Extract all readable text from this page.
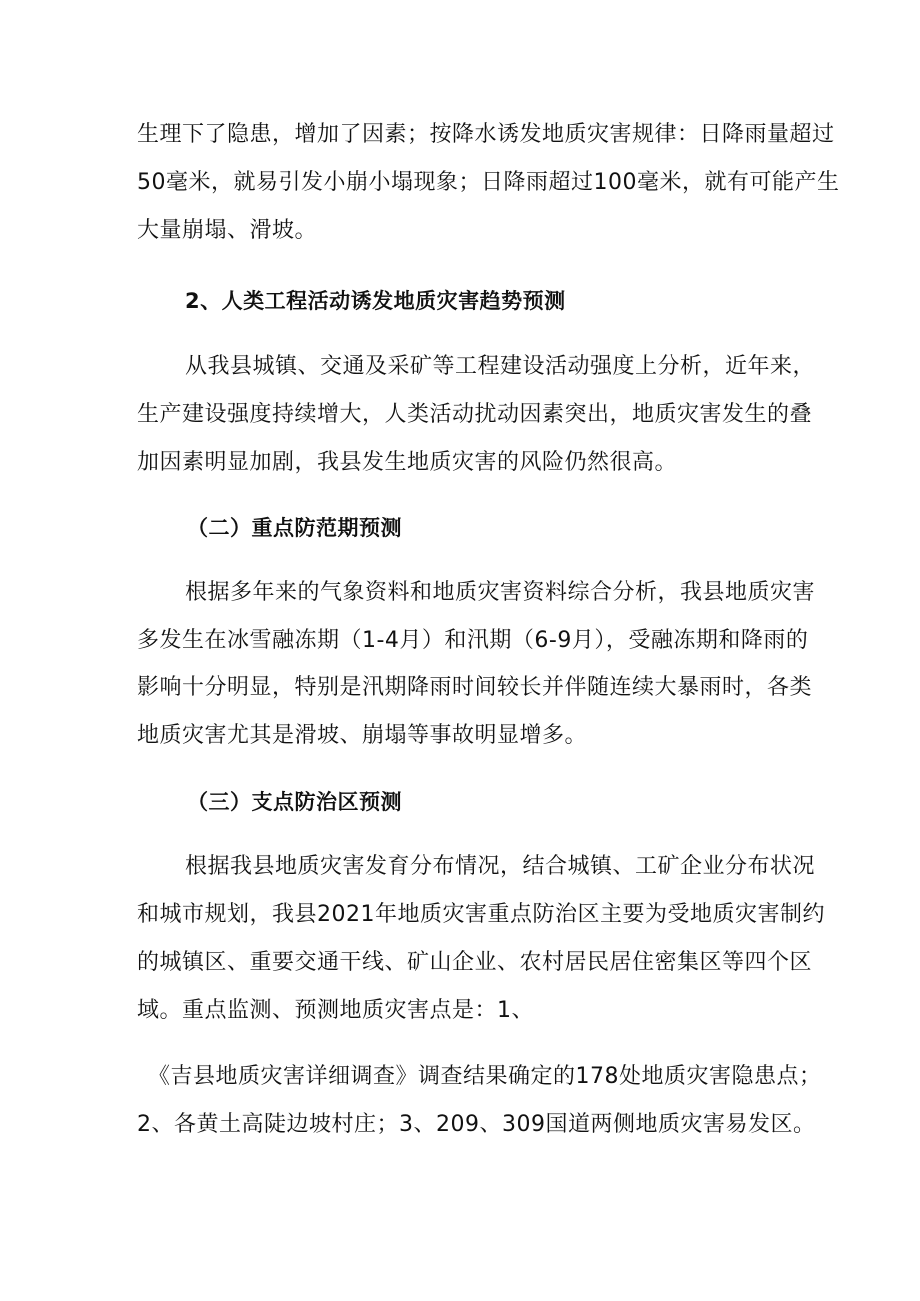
生理下了隐患，增加了因素；按降水诱发地质灾害规律：日降雨量超过
50毫米，就易引发小崩小塌现象；日降雨超过100毫米，就有可能产生
大量崩塌、滑坡。
2、人类工程活动诱发地质灾害趋势预测
从我县城镇、交通及采矿等工程建设活动强度上分析，近年来，
生产建设强度持续增大，人类活动扰动因素突出，地质灾害发生的叠
加因素明显加剧，我县发生地质灾害的风险仍然很高。
（二）重点防范期预测
根据多年来的气象资料和地质灾害资料综合分析，我县地质灾害
多发生在冰雪融冻期（1-4月）和汛期（6-9月），受融冻期和降雨的
影响十分明显，特别是汛期降雨时间较长并伴随连续大暴雨时，各类
地质灾害尤其是滑坡、崩塌等事故明显增多。
（三）支点防治区预测
根据我县地质灾害发育分布情况，结合城镇、工矿企业分布状况
和城市规划，我县2021年地质灾害重点防治区主要为受地质灾害制约
的城镇区、重要交通干线、矿山企业、农村居民居住密集区等四个区
域。重点监测、预测地质灾害点是：1、
《吉县地质灾害详细调查》调查结果确定的178处地质灾害隐患点；
2、各黄土高陡边坡村庄；3、209、309国道两侧地质灾害易发区。
